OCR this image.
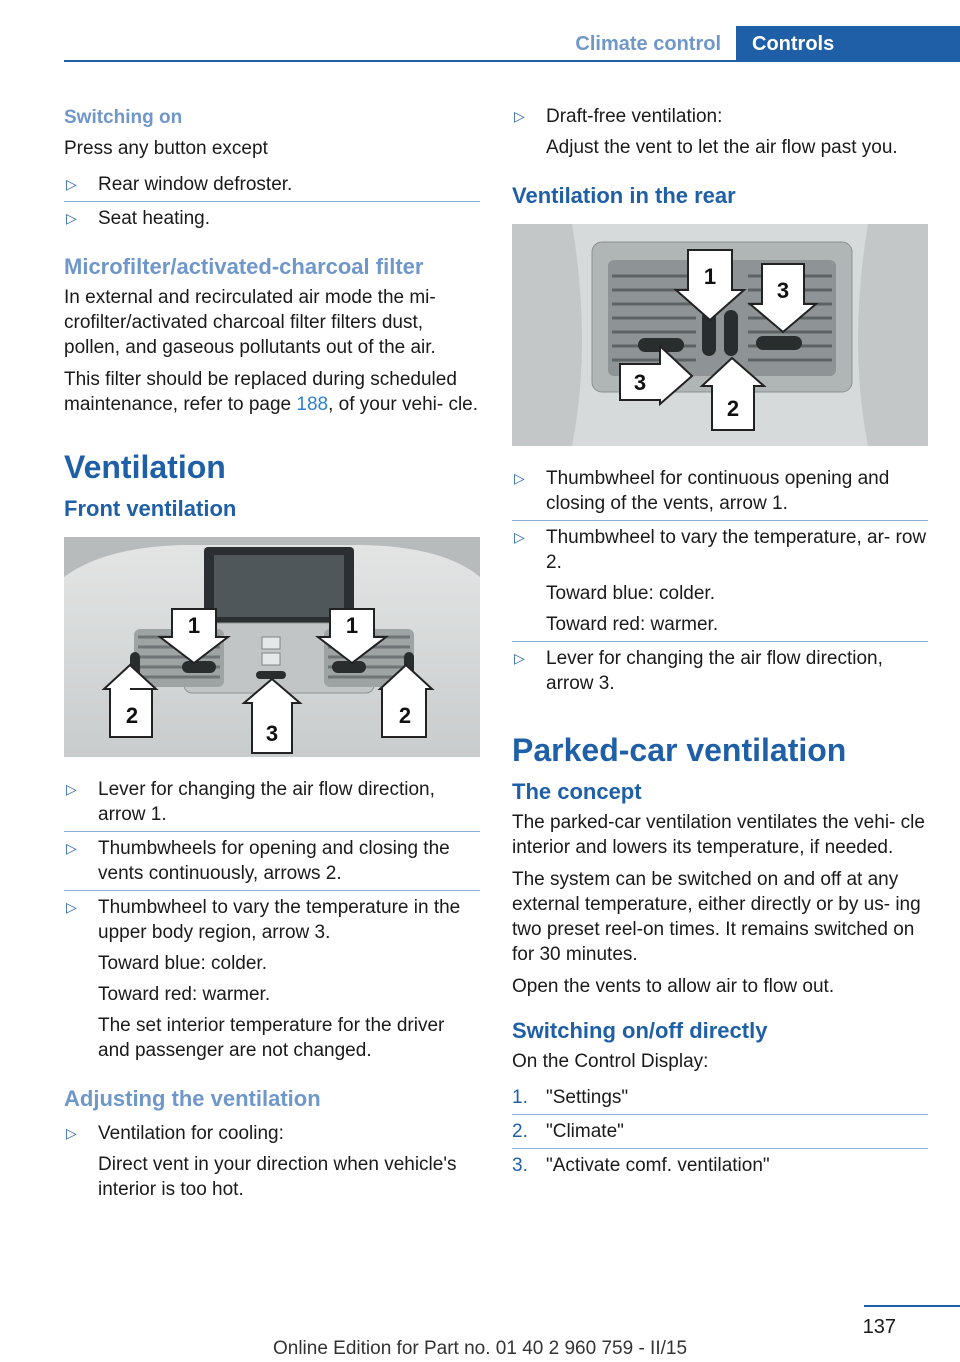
Climate control	Controls
Switching on

Press any button except

▷ Rear window defroster.
▷ Seat heating.
Microfilter/activated-charcoal filter

In external and recirculated air mode the mi‐ crofilter/activated charcoal filter filters dust, pollen, and gaseous pollutants out of the air.

This filter should be replaced during scheduled maintenance, refer to page 188, of your vehi‐ cle.

Ventilation
Front ventilation
1	1
2
3
2
▷ Lever for changing the air flow direction, arrow 1.

▷ Thumbwheels for opening and closing the vents continuously, arrows 2.

▷ Thumbwheel to vary the temperature in the upper body region, arrow 3.

Toward blue: colder.

Toward red: warmer.

The set interior temperature for the driver and passenger are not changed.

Adjusting the ventilation
▷ Ventilation for cooling:

Direct vent in your direction when vehicle's interior is too hot.

▷ Draft-free ventilation:

Adjust the vent to let the air flow past you.

Ventilation in the rear
1
3
3
2
▷ Thumbwheel for continuous opening and closing of the vents, arrow 1.

▷ Thumbwheel to vary the temperature, ar‐ row 2.

Toward blue: colder.

Toward red: warmer.

▷ Lever for changing the air flow direction, arrow 3.

Parked-car ventilation
The concept

The parked-car ventilation ventilates the vehi‐ cle interior and lowers its temperature, if needed.

The system can be switched on and off at any external temperature, either directly or by us‐ ing two preset reel-on times. It remains switched on for 30 minutes.

Open the vents to allow air to flow out.

Switching on/off directly

On the Control Display:

1. "Settings"
2. "Climate"
3. "Activate comf. ventilation"
137
Online Edition for Part no. 01 40 2 960 759 - II/15
